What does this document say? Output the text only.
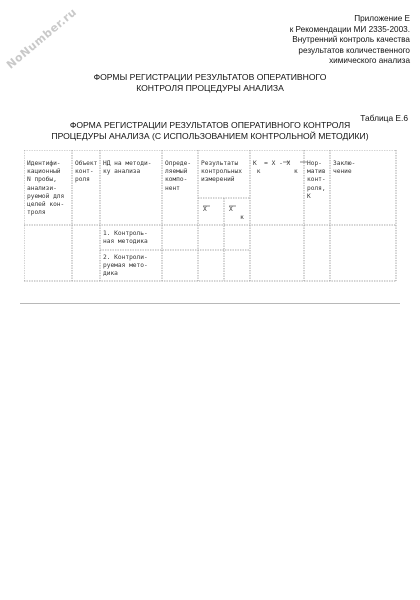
NoNumber.ru	Приложение Е
к Рекомендации МИ 2335-2003.
Внутренний контроль качества
результатов количественного
химического анализа
ФОРМЫ РЕГИСТРАЦИИ РЕЗУЛЬТАТОВ ОПЕРАТИВНОГО
КОНТРОЛЯ ПРОЦЕДУРЫ АНАЛИЗА
Таблица Е.6
ФОРМА РЕГИСТРАЦИИ РЕЗУЛЬТАТОВ ОПЕРАТИВНОГО КОНТРОЛЯ
ПРОЦЕДУРЫ АНАЛИЗА (С ИСПОЛЬЗОВАНИЕМ КОНТРОЛЬНОЙ МЕТОДИКИ)
Идентифи-
кационный
N пробы,
анализи-
руемой для
целей кон-
троля
Объект
конт-
роля
НД на методи-
ку анализа
Опреде-
ляемый
компо-
нент
Результаты
контрольных
измерений
X	X
к
К  = X - X
к         к
Нор-
матив
конт-
роля,
К
Заклю-
чение
1. Контроль-
ная методика
2. Контроли-
руемая мето-
дика
